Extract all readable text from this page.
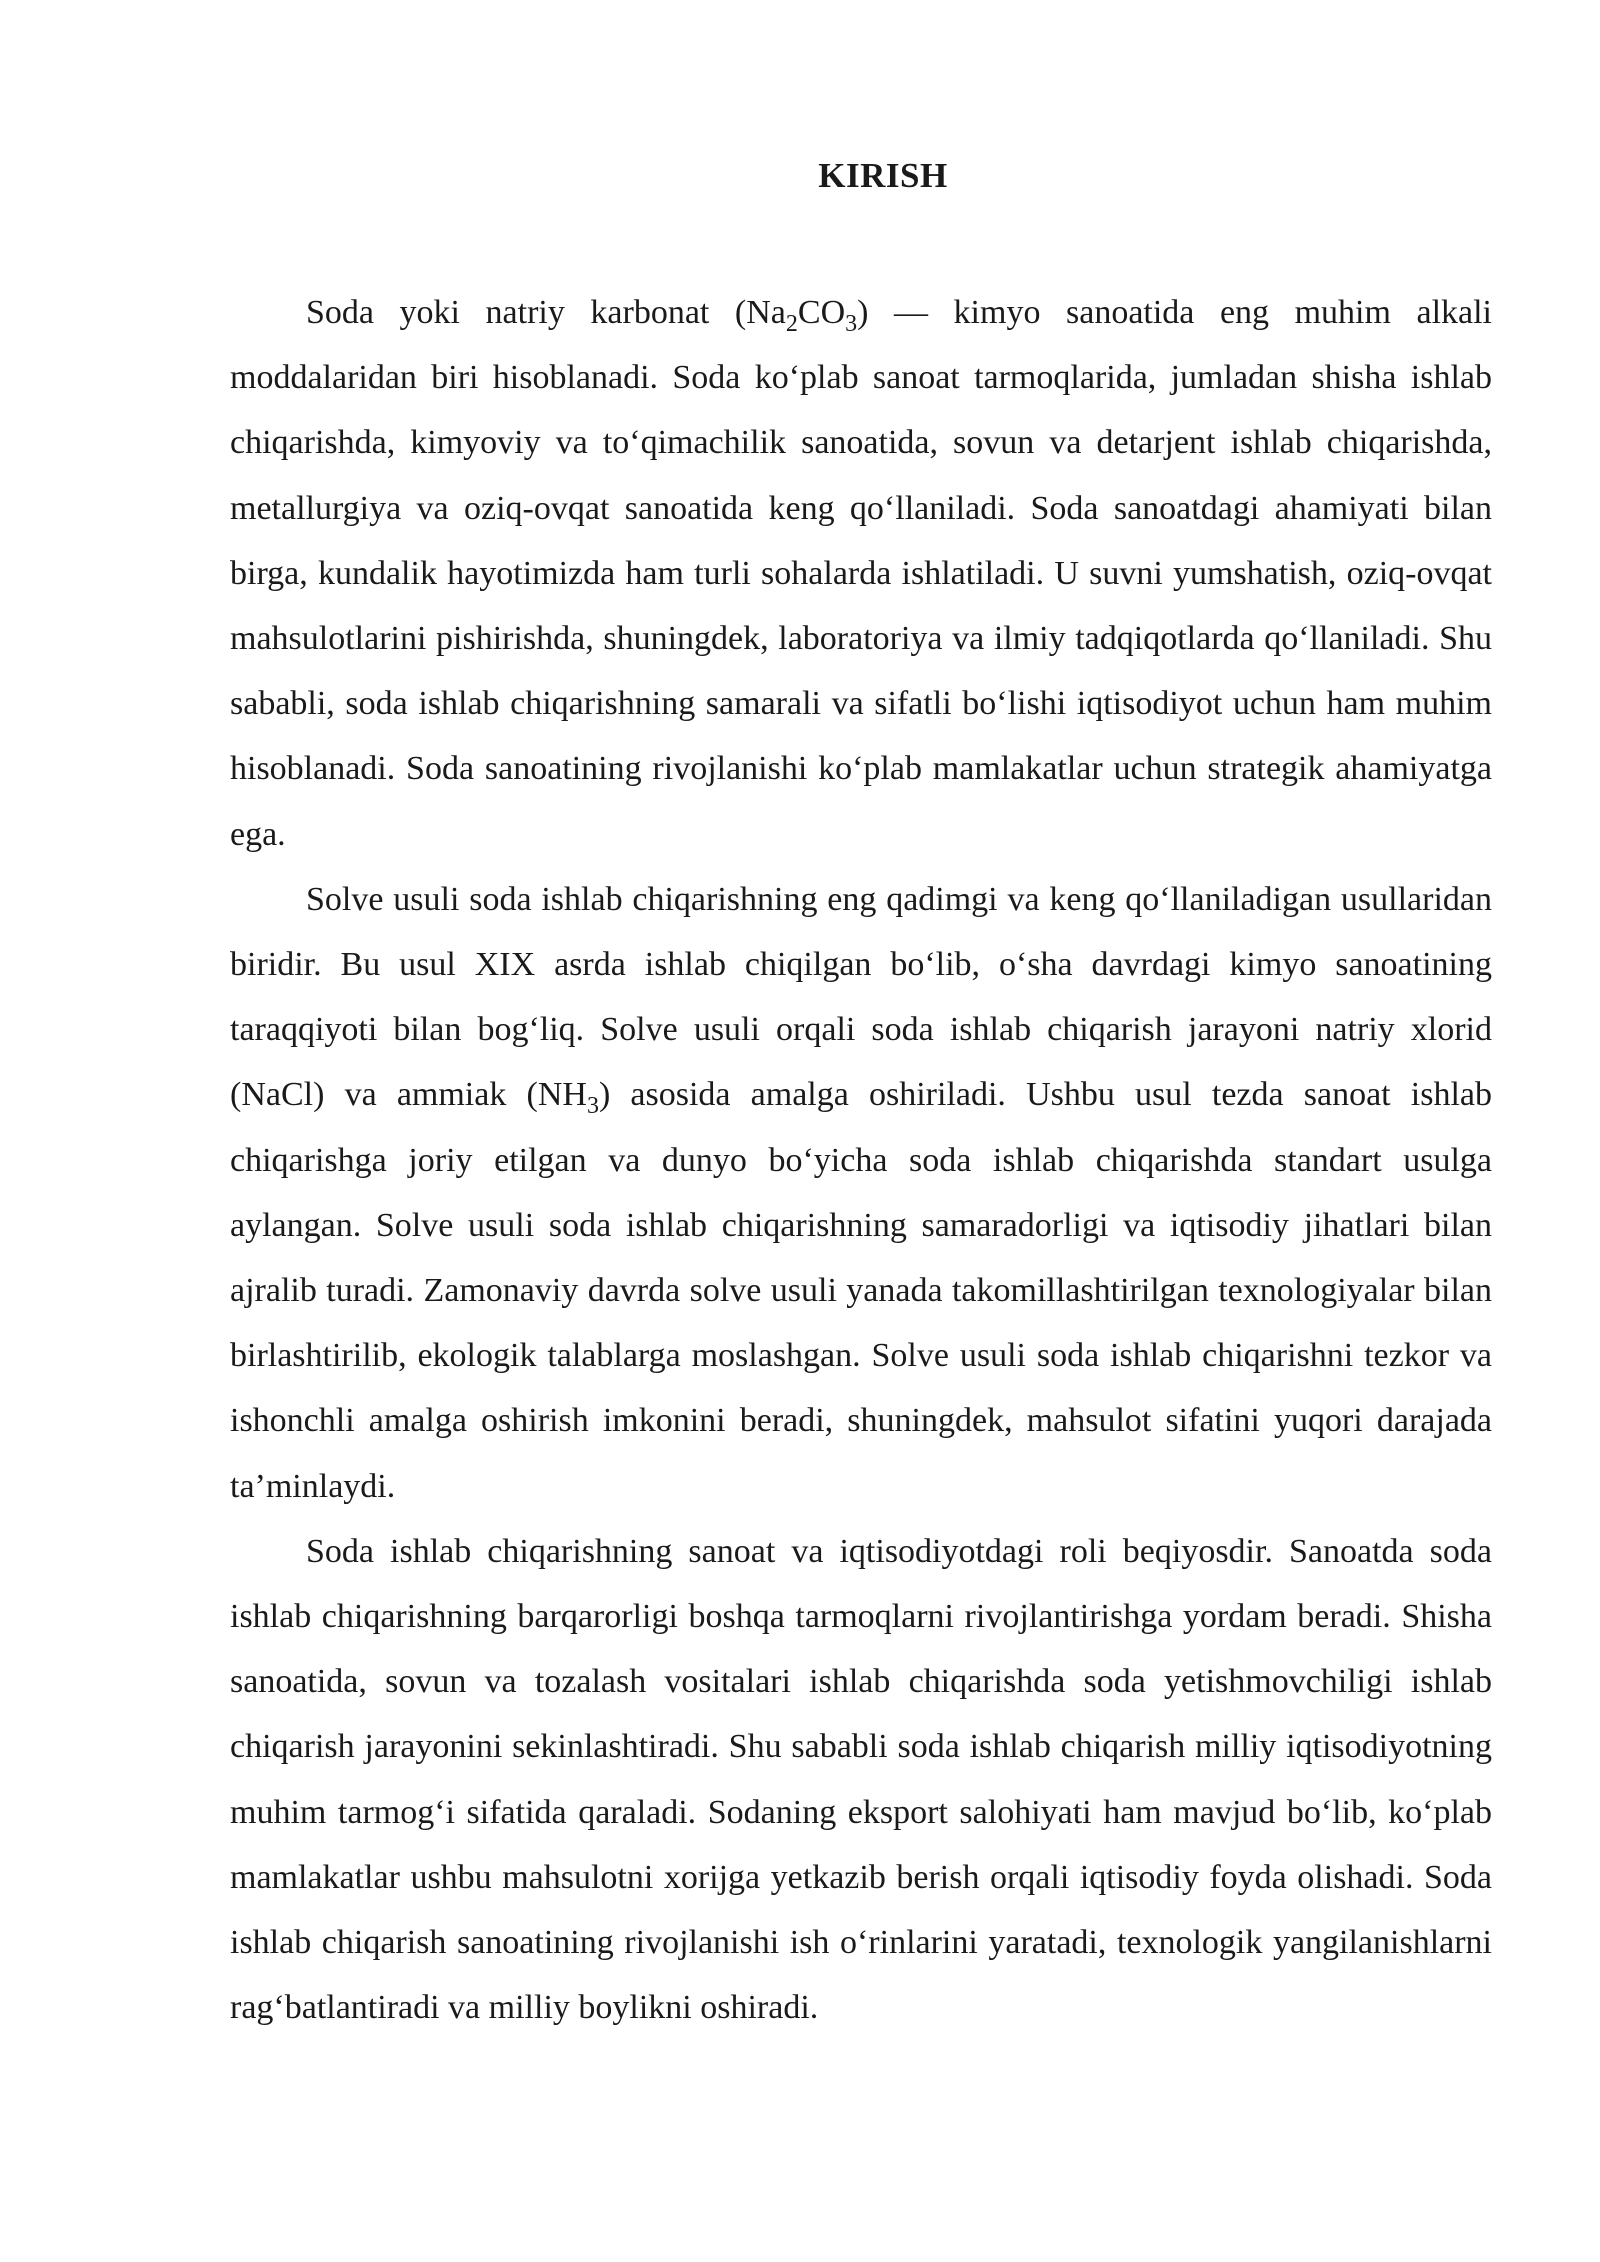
KIRISH

Soda yoki natriy karbonat $(Na_2CO_3)$ — kimyo sanoatida eng muhim alkali moddalaridan biri hisoblanadi. Soda ko‘plab sanoat tarmoqlarida, jumladan shisha ishlab chiqarishda, kimyoviy va to‘qimachilik sanoatida, sovun va detarjent ishlab chiqarishda, metallurgiya va oziq-ovqat sanoatida keng qo‘llaniladi. Soda sanoatdagi ahamiyati bilan birga, kundalik hayotimizda ham turli sohalarda ishlatiladi. U suvni yumshatish, oziq-ovqat mahsulotlarini pishirishda, shuningdek, laboratoriya va ilmiy tadqiqotlarda qo‘llaniladi. Shu sababli, soda ishlab chiqarishning samarali va sifatli bo‘lishi iqtisodiyot uchun ham muhim hisoblanadi. Soda sanoatining rivojlanishi ko‘plab mamlakatlar uchun strategik ahamiyatga ega.

Solve usuli soda ishlab chiqarishning eng qadimgi va keng qo‘llaniladigan usullaridan biridir. Bu usul XIX asrda ishlab chiqilgan bo‘lib, o‘sha davrdagi kimyo sanoatining taraqqiyoti bilan bog‘liq. Solve usuli orqali soda ishlab chiqarish jarayoni natriy xlorid (NaCl) va ammiak $(NH_3)$ asosida amalga oshiriladi. Ushbu usul tezda sanoat ishlab chiqarishga joriy etilgan va dunyo bo‘yicha soda ishlab chiqarishda standart usulga aylangan. Solve usuli soda ishlab chiqarishning samaradorligi va iqtisodiy jihatlari bilan ajralib turadi. Zamonaviy davrda solve usuli yanada takomillashtirilgan texnologiyalar bilan birlashtirilib, ekologik talablarga moslashgan. Solve usuli soda ishlab chiqarishni tezkor va ishonchli amalga oshirish imkonini beradi, shuningdek, mahsulot sifatini yuqori darajada ta’minlaydi.

Soda ishlab chiqarishning sanoat va iqtisodiyotdagi roli beqiyosdir. Sanoatda soda ishlab chiqarishning barqarorligi boshqa tarmoqlarni rivojlantirishga yordam beradi. Shisha sanoatida, sovun va tozalash vositalari ishlab chiqarishda soda yetishmovchiligi ishlab chiqarish jarayonini sekinlashtiradi. Shu sababli soda ishlab chiqarish milliy iqtisodiyotning muhim tarmog‘i sifatida qaraladi. Sodaning eksport salohiyati ham mavjud bo‘lib, ko‘plab mamlakatlar ushbu mahsulotni xorijga yetkazib berish orqali iqtisodiy foyda olishadi. Soda ishlab chiqarish sanoatining rivojlanishi ish o‘rinlarini yaratadi, texnologik yangilanishlarni rag‘batlantiradi va milliy boylikni oshiradi.
